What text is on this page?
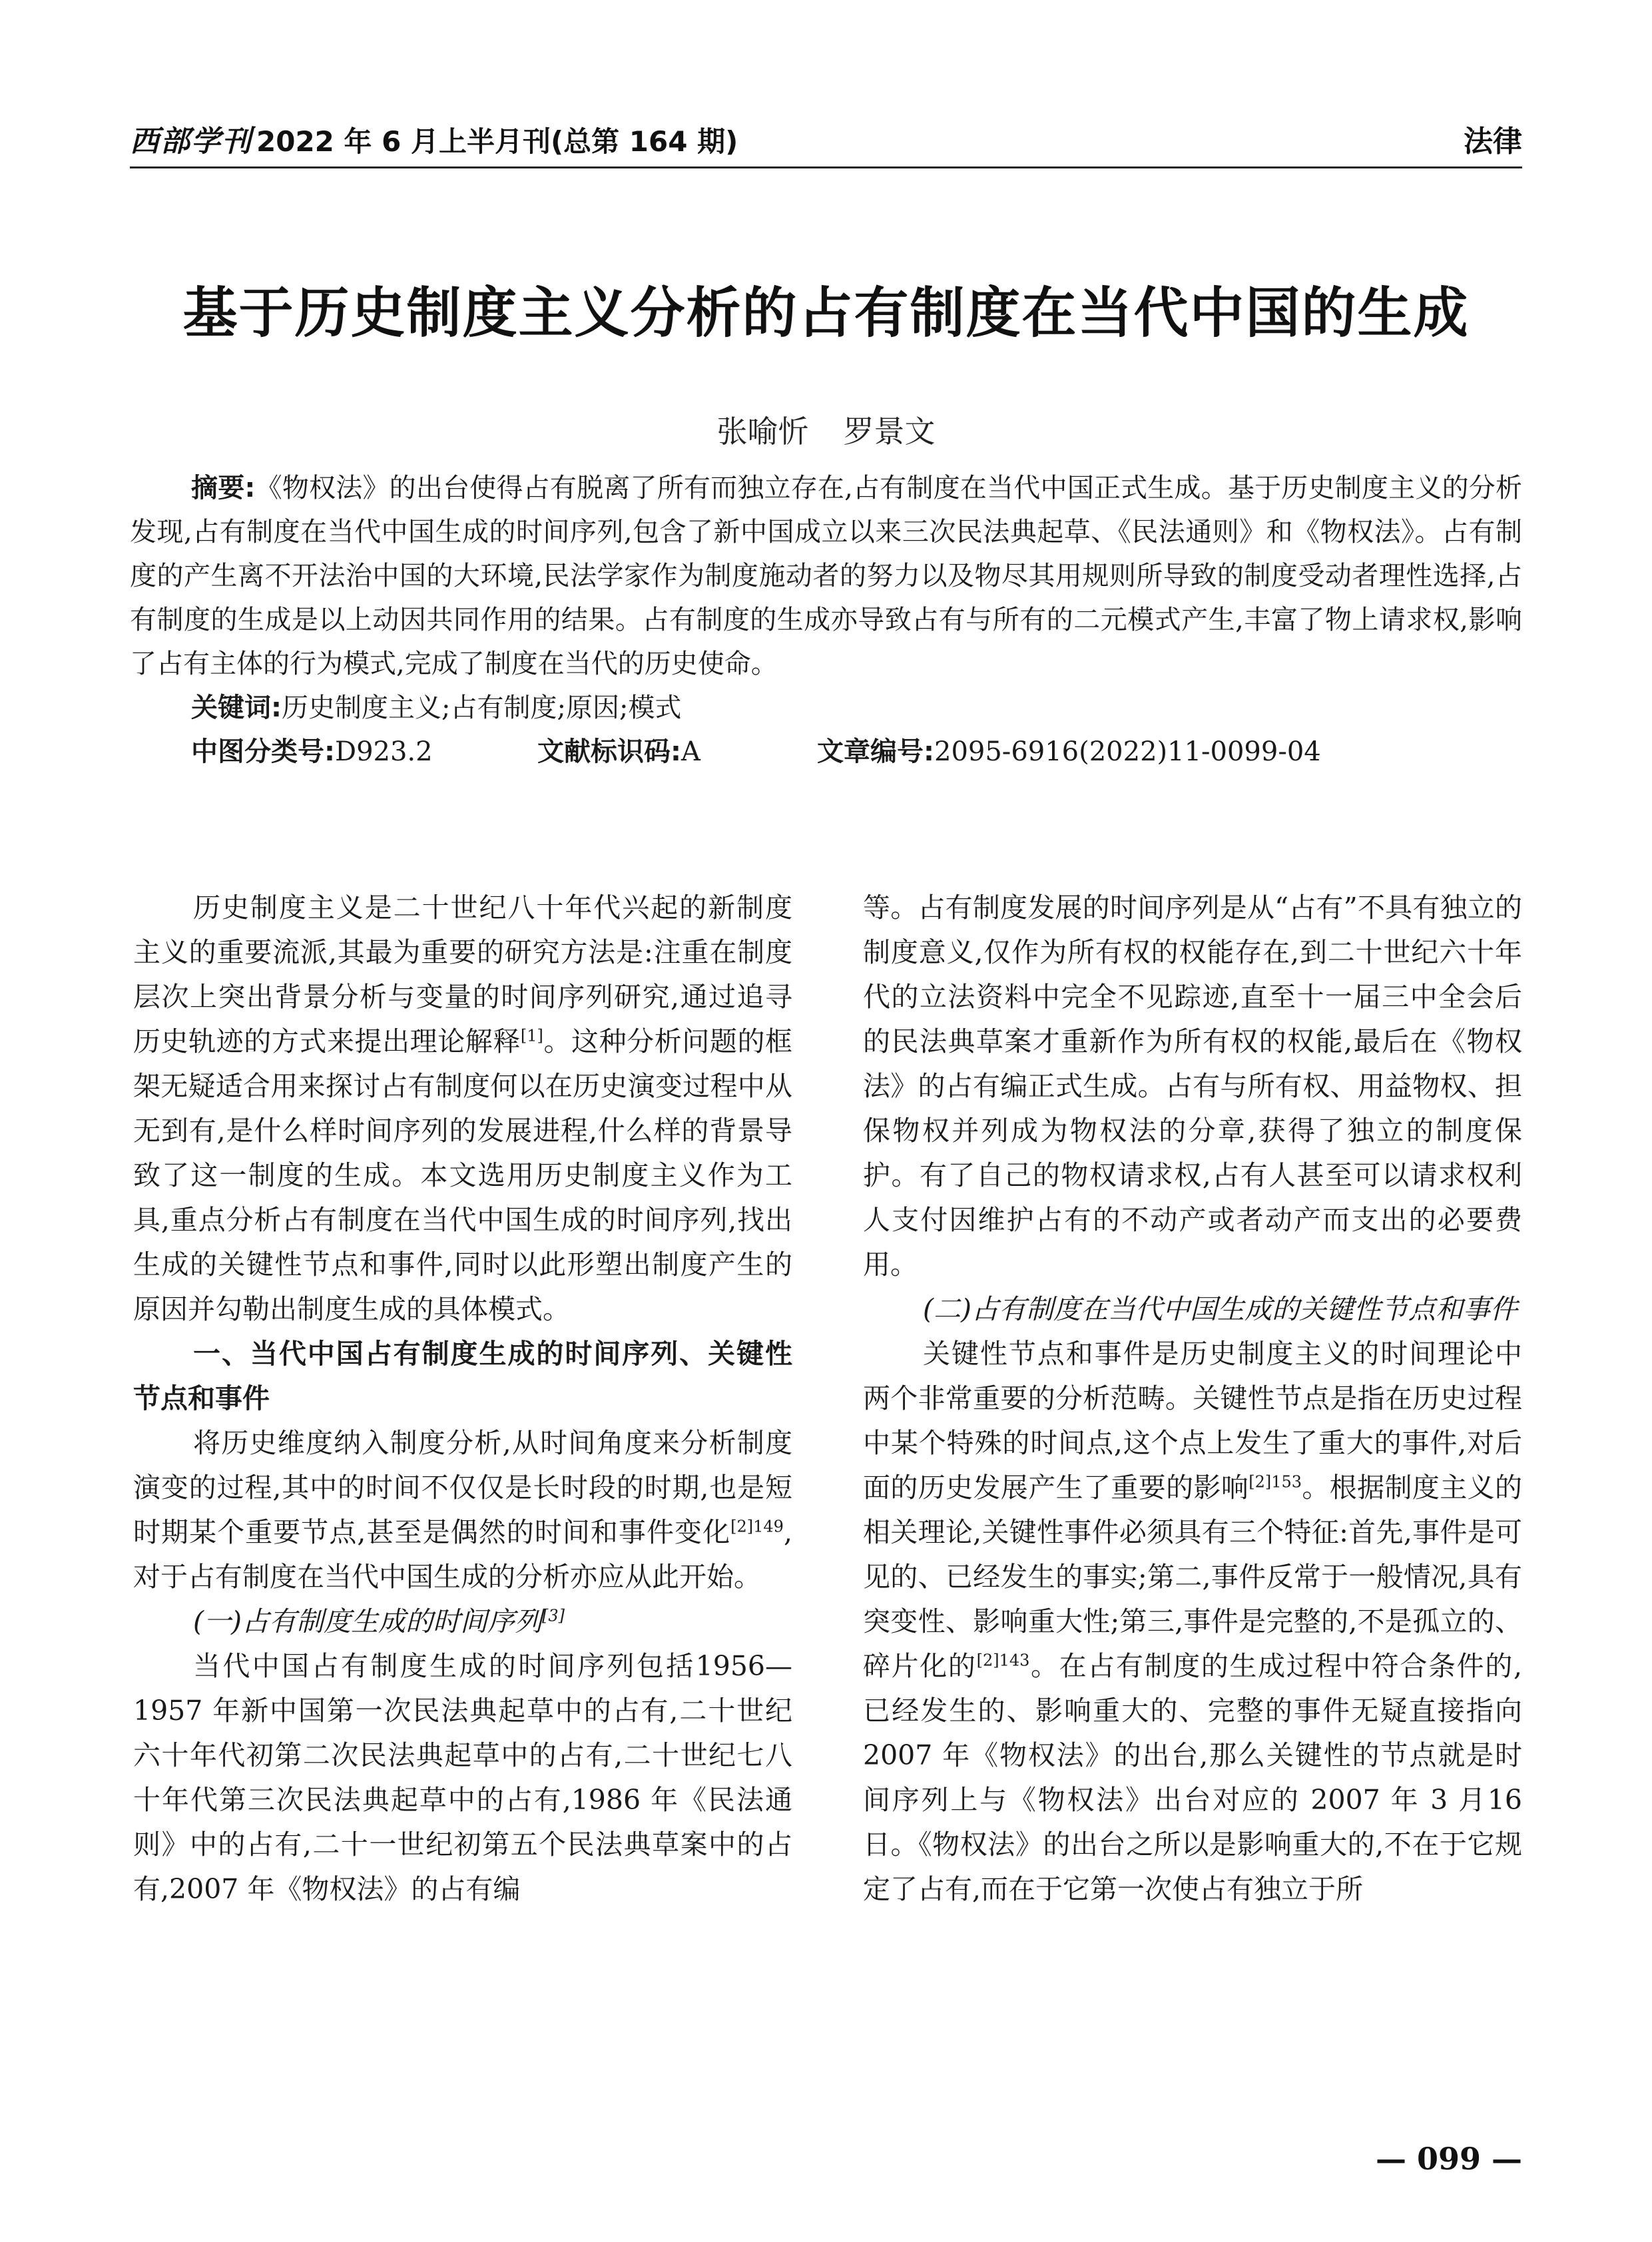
西部学刊 2022 年 6 月上半月刊(总第 164 期)	法律
基于历史制度主义分析的占有制度在当代中国的生成
张喻忻 罗景文

摘要:《物权法》的出台使得占有脱离了所有而独立存在,占有制度在当代中国正式生成。基于历史制度主义的分析发现,占有制度在当代中国生成的时间序列,包含了新中国成立以来三次民法典起草、《民法通则》和《物权法》。占有制度的产生离不开法治中国的大环境,民法学家作为制度施动者的努力以及物尽其用规则所导致的制度受动者理性选择,占有制度的生成是以上动因共同作用的结果。占有制度的生成亦导致占有与所有的二元模式产生,丰富了物上请求权,影响了占有主体的行为模式,完成了制度在当代的历史使命。

关键词:历史制度主义;占有制度;原因;模式

中图分类号:D923.2	文献标识码:A	文章编号:2095-6916(2022)11-0099-04

历史制度主义是二十世纪八十年代兴起的新制度主义的重要流派,其最为重要的研究方法是:注重在制度层次上突出背景分析与变量的时间序列研究,通过追寻历史轨迹的方式来提出理论解释[1]。这种分析问题的框架无疑适合用来探讨占有制度何以在历史演变过程中从无到有,是什么样时间序列的发展进程,什么样的背景导致了这一制度的生成。本文选用历史制度主义作为工具,重点分析占有制度在当代中国生成的时间序列,找出生成的关键性节点和事件,同时以此形塑出制度产生的原因并勾勒出制度生成的具体模式。

一、当代中国占有制度生成的时间序列、关键性节点和事件

将历史维度纳入制度分析,从时间角度来分析制度演变的过程,其中的时间不仅仅是长时段的时期,也是短时期某个重要节点,甚至是偶然的时间和事件变化$^{[2]149}$,对于占有制度在当代中国生成的分析亦应从此开始。

(一)占有制度生成的时间序列[3]

当代中国占有制度生成的时间序列包括1956—1957 年新中国第一次民法典起草中的占有,二十世纪六十年代初第二次民法典起草中的占有,二十世纪七八十年代第三次民法典起草中的占有,1986 年《民法通则》中的占有,二十一世纪初第五个民法典草案中的占有,2007 年《物权法》的占有编

等。占有制度发展的时间序列是从“占有”不具有独立的制度意义,仅作为所有权的权能存在,到二十世纪六十年代的立法资料中完全不见踪迹,直至十一届三中全会后的民法典草案才重新作为所有权的权能,最后在《物权法》的占有编正式生成。占有与所有权、用益物权、担保物权并列成为物权法的分章,获得了独立的制度保护。有了自己的物权请求权,占有人甚至可以请求权利人支付因维护占有的不动产或者动产而支出的必要费用。

(二)占有制度在当代中国生成的关键性节点和事件

关键性节点和事件是历史制度主义的时间理论中两个非常重要的分析范畴。关键性节点是指在历史过程中某个特殊的时间点,这个点上发生了重大的事件,对后面的历史发展产生了重要的影响$^{[2]153}$。根据制度主义的相关理论,关键性事件必须具有三个特征:首先,事件是可见的、已经发生的事实;第二,事件反常于一般情况,具有突变性、影响重大性;第三,事件是完整的,不是孤立的、碎片化的$^{[2]143}$。在占有制度的生成过程中符合条件的,已经发生的、影响重大的、完整的事件无疑直接指向 2007 年《物权法》的出台,那么关键性的节点就是时间序列上与《物权法》出台对应的 2007 年 3 月16 日。《物权法》的出台之所以是影响重大的,不在于它规定了占有,而在于它第一次使占有独立于所

— 099 —
